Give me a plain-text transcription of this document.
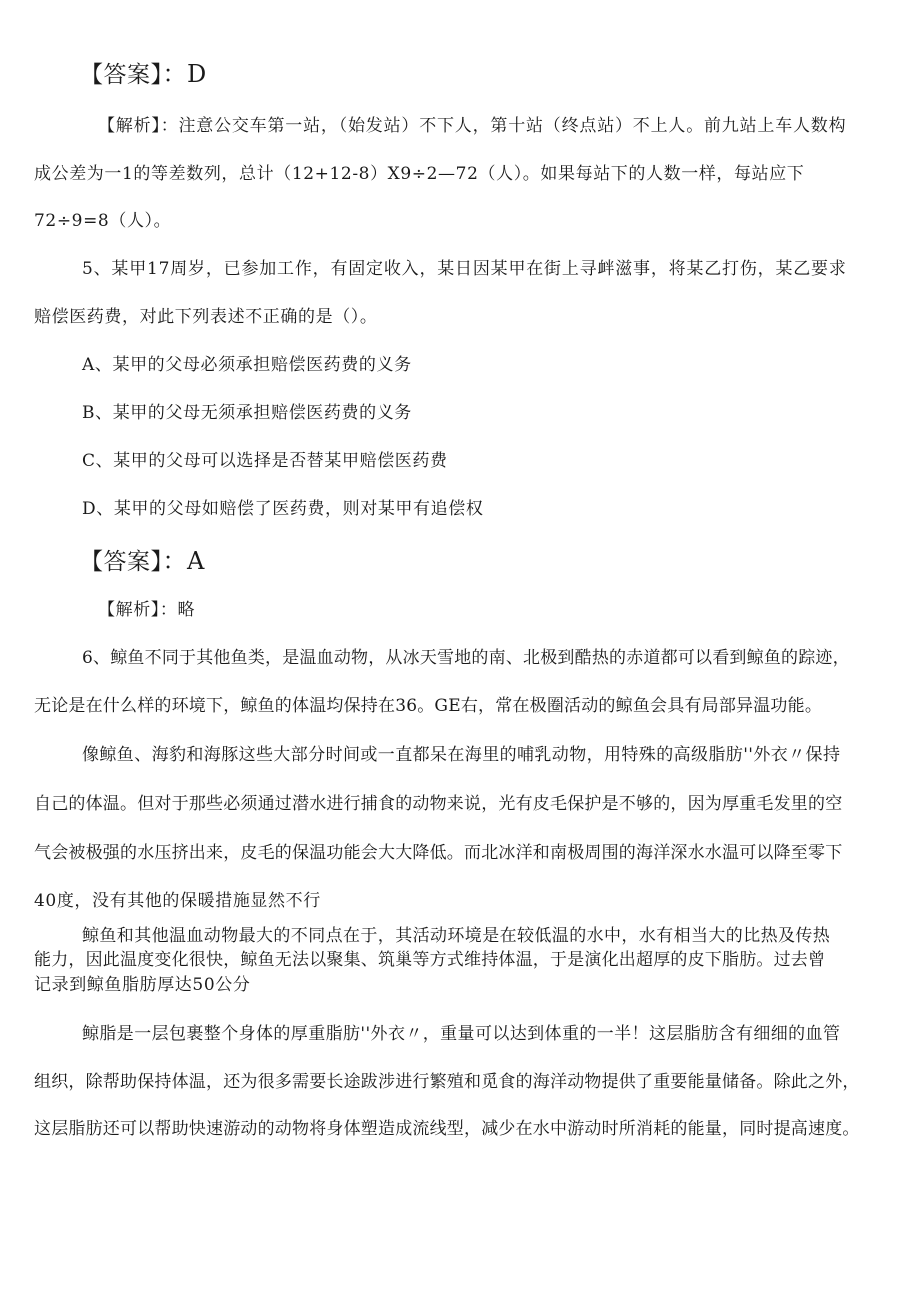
【答案】：D
【解析】：注意公交车第一站，（始发站）不下人，第十站（终点站）不上人。前九站上车人数构
成公差为一1的等差数列，总计（12+12-8）X9÷2—72（人）。如果每站下的人数一样，每站应下
72÷9=8（人）。
5、某甲17周岁，已参加工作，有固定收入，某日因某甲在街上寻衅滋事，将某乙打伤，某乙要求
赔偿医药费，对此下列表述不正确的是（）。
A、某甲的父母必须承担赔偿医药费的义务
B、某甲的父母无须承担赔偿医药费的义务
C、某甲的父母可以选择是否替某甲赔偿医药费
D、某甲的父母如赔偿了医药费，则对某甲有追偿权
【答案】：A
【解析】：略
6、鲸鱼不同于其他鱼类，是温血动物，从冰天雪地的南、北极到酷热的赤道都可以看到鲸鱼的踪迹，
无论是在什么样的环境下，鲸鱼的体温均保持在36。GE右，常在极圈活动的鲸鱼会具有局部异温功能。
像鲸鱼、海豹和海豚这些大部分时间或一直都呆在海里的哺乳动物，用特殊的高级脂肪''外衣〃保持
自己的体温。但对于那些必须通过潜水进行捕食的动物来说，光有皮毛保护是不够的，因为厚重毛发里的空
气会被极强的水压挤出来，皮毛的保温功能会大大降低。而北冰洋和南极周围的海洋深水水温可以降至零下
40度，没有其他的保暖措施显然不行
鲸鱼和其他温血动物最大的不同点在于，其活动环境是在较低温的水中，水有相当大的比热及传热
能力，因此温度变化很快，鲸鱼无法以聚集、筑巢等方式维持体温，于是演化出超厚的皮下脂肪。过去曾
记录到鲸鱼脂肪厚达50公分
鲸脂是一层包裹整个身体的厚重脂肪''外衣〃，重量可以达到体重的一半！这层脂肪含有细细的血管
组织，除帮助保持体温，还为很多需要长途跋涉进行繁殖和觅食的海洋动物提供了重要能量储备。除此之外，
这层脂肪还可以帮助快速游动的动物将身体塑造成流线型，减少在水中游动时所消耗的能量，同时提高速度。
